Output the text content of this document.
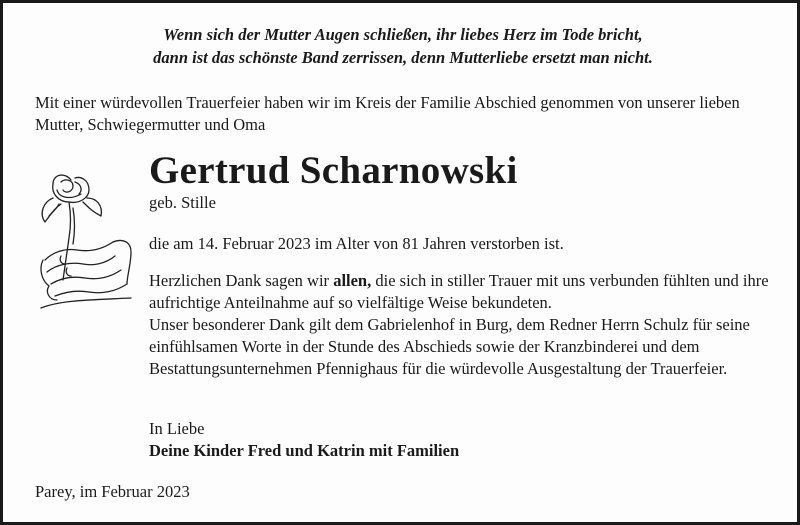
Wenn sich der Mutter Augen schließen, ihr liebes Herz im Tode bricht,
dann ist das schönste Band zerrissen, denn Mutterliebe ersetzt man nicht.
Mit einer würdevollen Trauerfeier haben wir im Kreis der Familie Abschied genommen von unserer lieben Mutter, Schwiegermutter und Oma
Gertrud Scharnowski
geb. Stille
die am 14. Februar 2023 im Alter von 81 Jahren verstorben ist.

Herzlichen Dank sagen wir allen, die sich in stiller Trauer mit uns verbunden fühlten und ihre aufrichtige Anteilnahme auf so vielfältige Weise bekundeten.

Unser besonderer Dank gilt dem Gabrielenhof in Burg, dem Redner Herrn Schulz für seine einfühlsamen Worte in der Stunde des Abschieds sowie der Kranzbinderei und dem Bestattungsunternehmen Pfennighaus für die würdevolle Ausgestaltung der Trauerfeier.

In Liebe
Deine Kinder Fred und Katrin mit Familien
Parey, im Februar 2023
